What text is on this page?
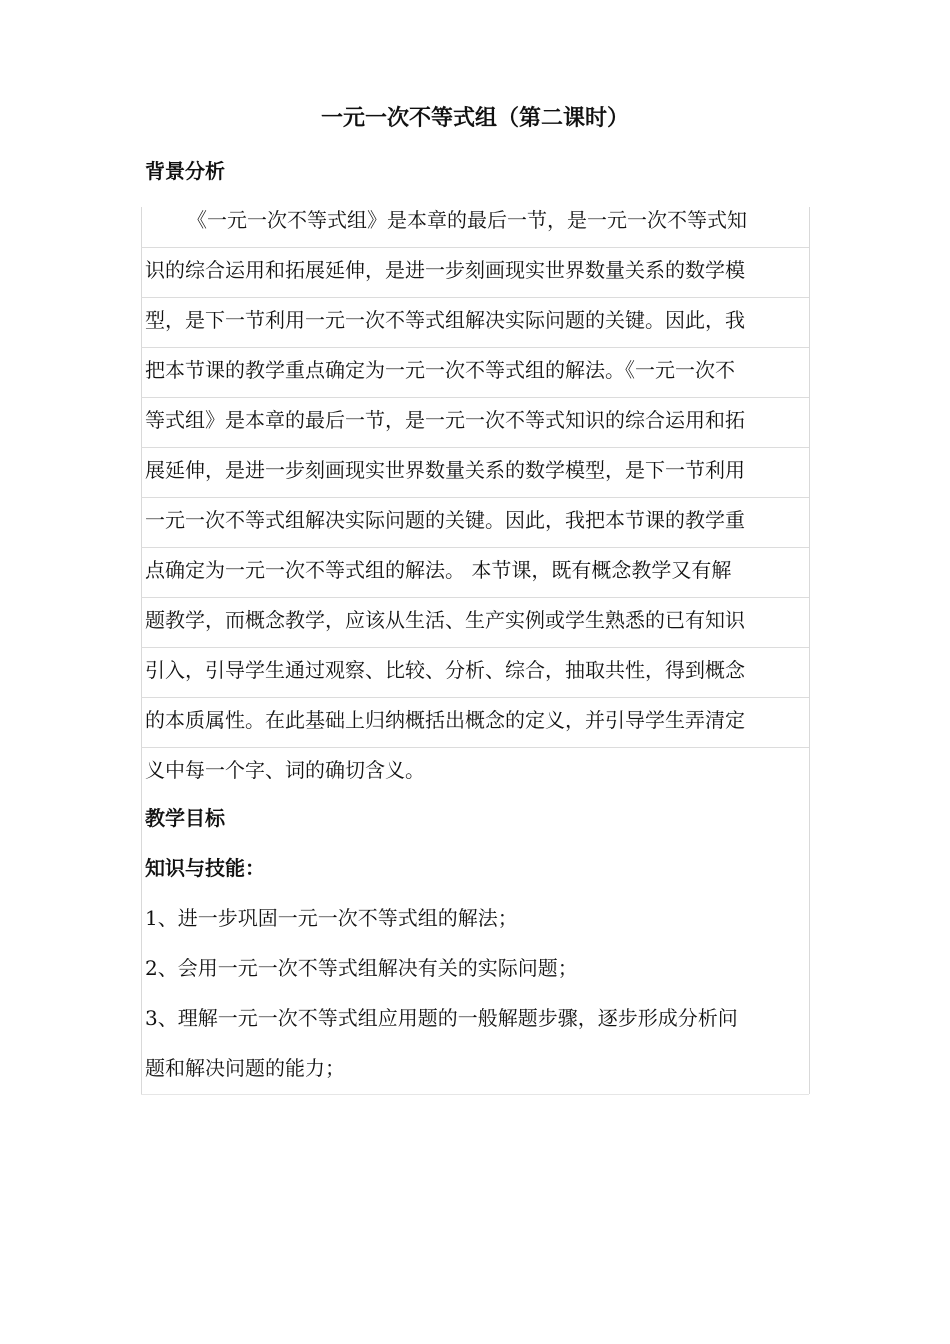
一元一次不等式组（第二课时）
背景分析
《一元一次不等式组》是本章的最后一节，是一元一次不等式知
识的综合运用和拓展延伸，是进一步刻画现实世界数量关系的数学模
型，是下一节利用一元一次不等式组解决实际问题的关键。因此，我
把本节课的教学重点确定为一元一次不等式组的解法。《一元一次不
等式组》是本章的最后一节，是一元一次不等式知识的综合运用和拓
展延伸，是进一步刻画现实世界数量关系的数学模型，是下一节利用
一元一次不等式组解决实际问题的关键。因此，我把本节课的教学重
点确定为一元一次不等式组的解法。 本节课，既有概念教学又有解
题教学，而概念教学，应该从生活、生产实例或学生熟悉的已有知识
引入，引导学生通过观察、比较、分析、综合，抽取共性，得到概念
的本质属性。在此基础上归纳概括出概念的定义，并引导学生弄清定
义中每一个字、词的确切含义。
教学目标
知识与技能：
1、进一步巩固一元一次不等式组的解法；
2、会用一元一次不等式组解决有关的实际问题；
3、理解一元一次不等式组应用题的一般解题步骤，逐步形成分析问
题和解决问题的能力；
